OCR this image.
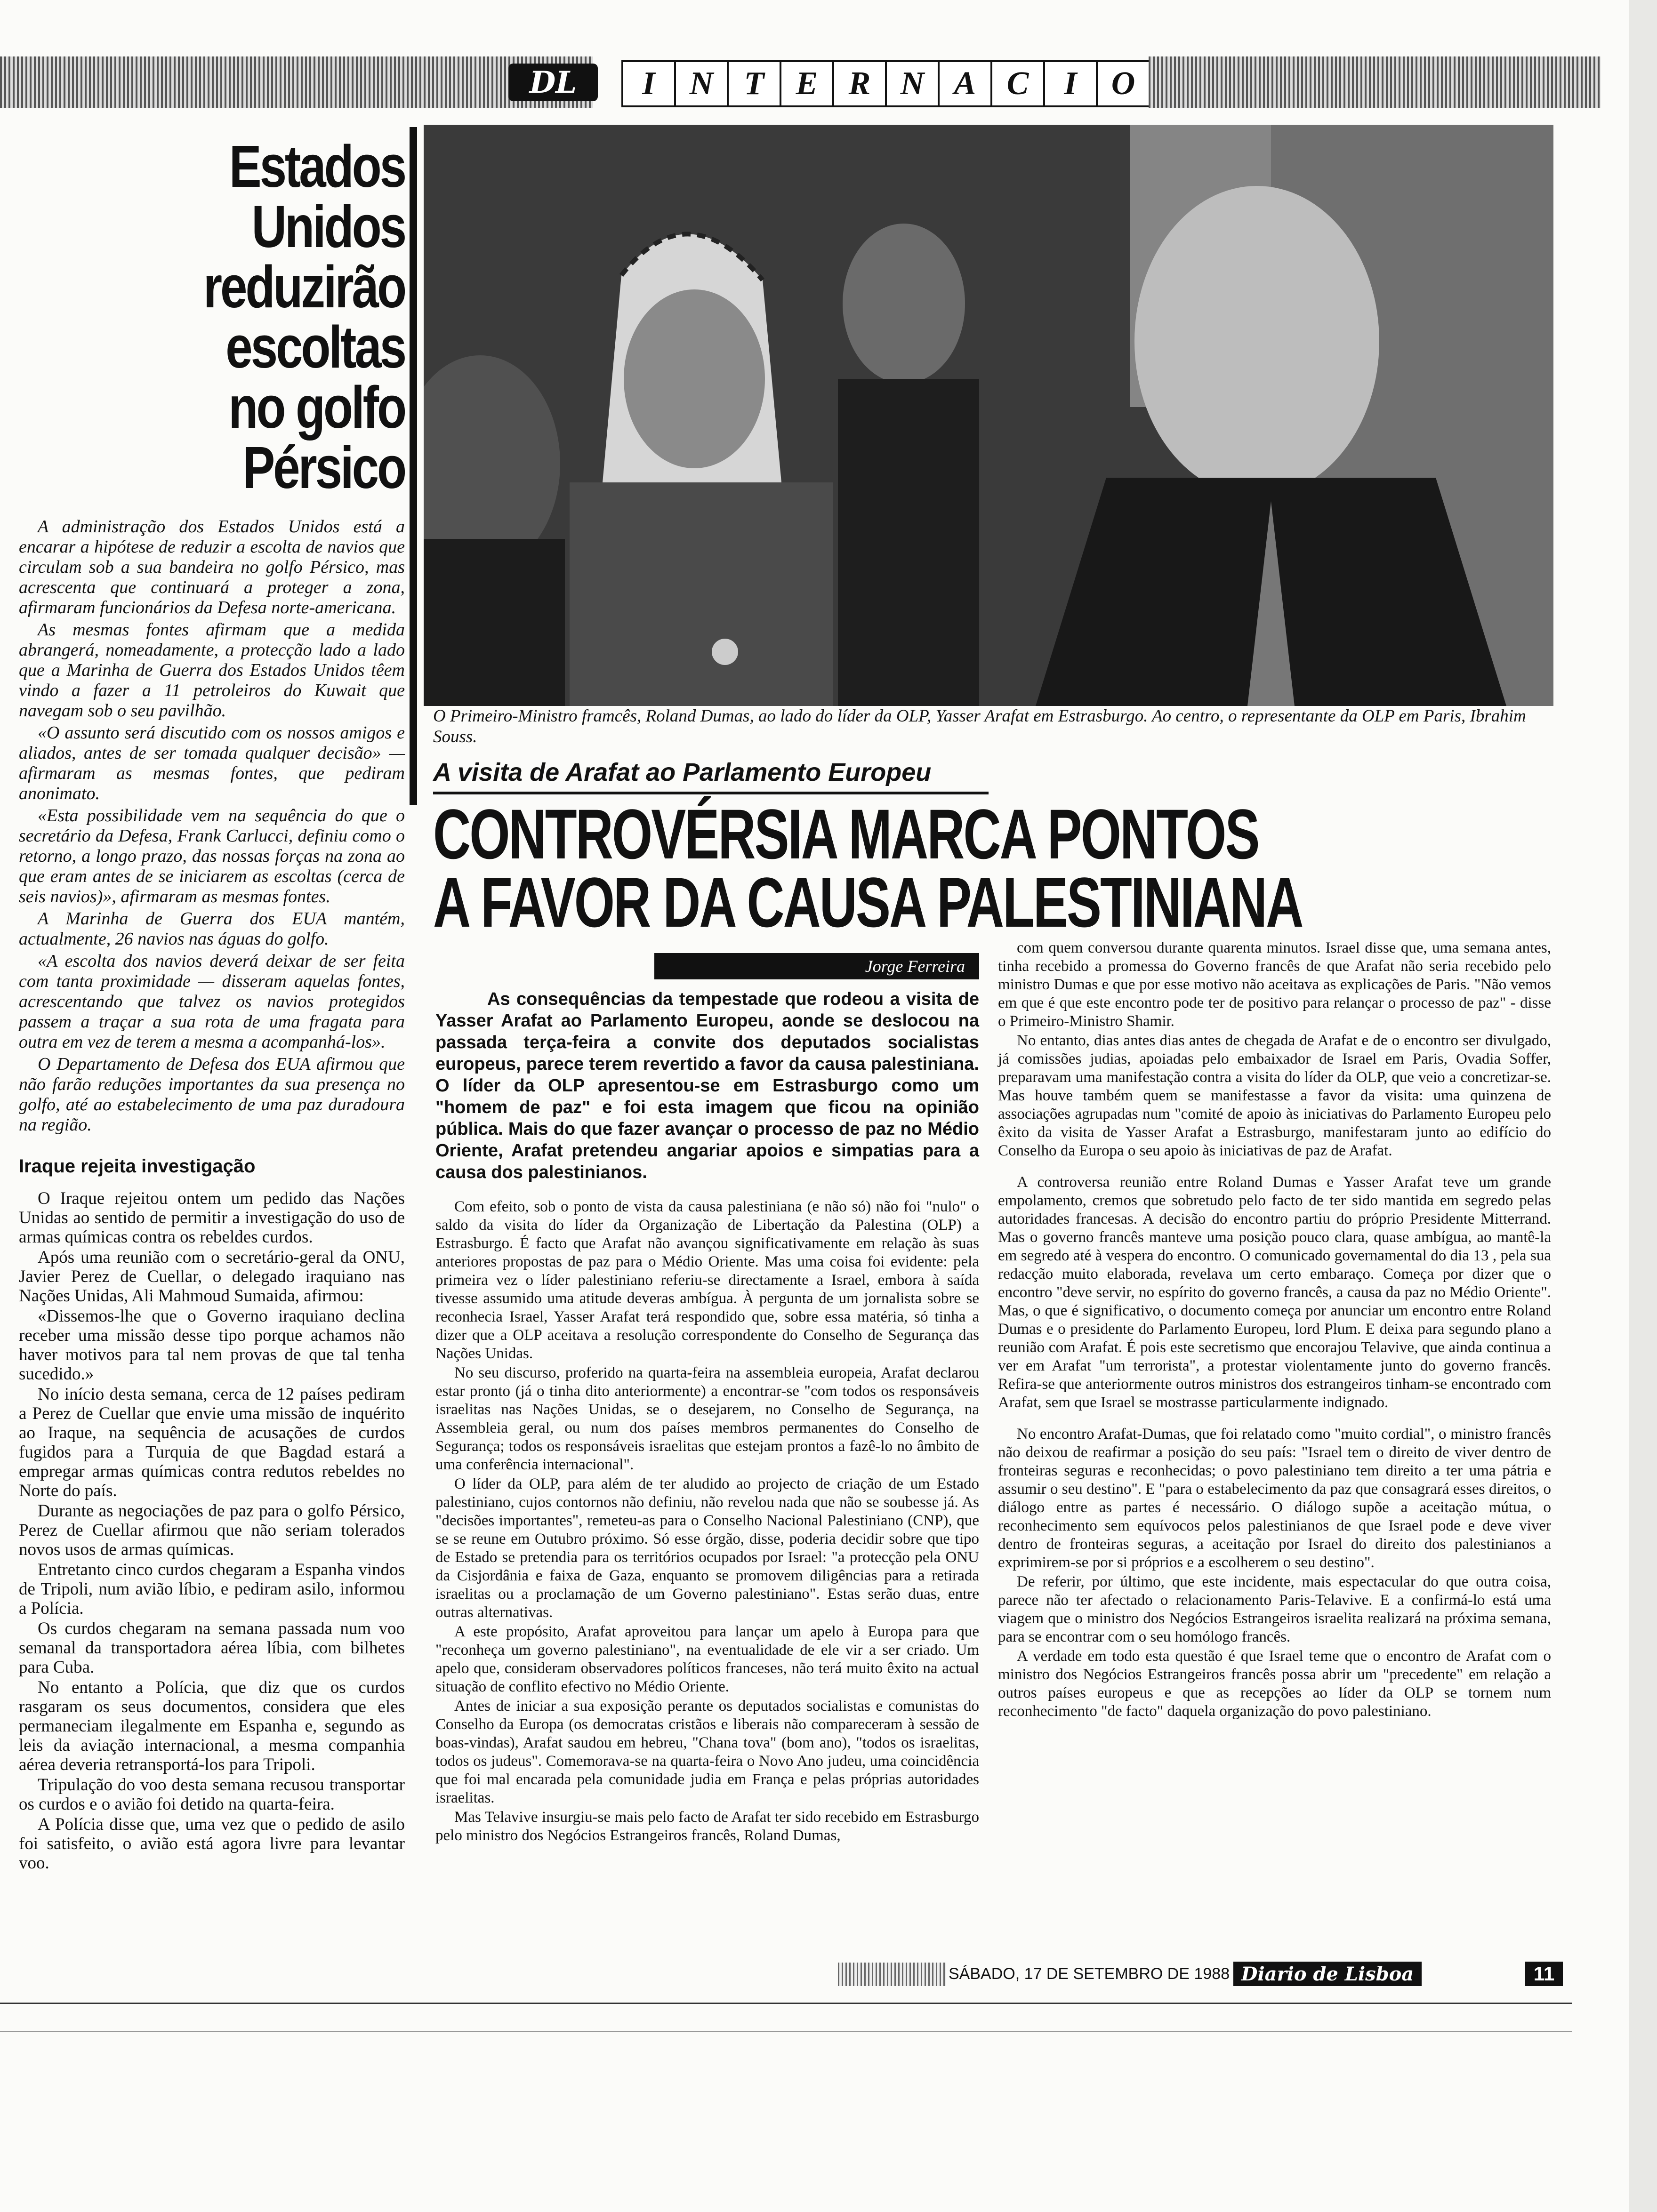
DL	I	N T E R N A C	I	O
Estados Unidos
reduzirão
escoltas
no golfo Pérsico

A administração dos Estados Unidos está a encarar a hipótese de reduzir a escolta de navios que circulam sob a sua bandeira no golfo Pérsico, mas acrescenta que continuará a proteger a zona, afirmaram funcionários da Defesa norte-americana.

As mesmas fontes afirmam que a medida abrangerá, nomeadamente, a protecção lado a lado que a Marinha de Guerra dos Estados Unidos têem vindo a fazer a 11 petroleiros do Kuwait que navegam sob o seu pavilhão.

«O assunto será discutido com os nossos amigos e aliados, antes de ser tomada qualquer decisão» — afirmaram as mesmas fontes, que pediram anonimato.

«Esta possibilidade vem na sequência do que o secretário da Defesa, Frank Carlucci, definiu como o retorno, a longo prazo, das nossas forças na zona ao que eram antes de se iniciarem as escoltas (cerca de seis navios)», afirmaram as mesmas fontes.

A Marinha de Guerra dos EUA mantém, actualmente, 26 navios nas águas do golfo.

«A escolta dos navios deverá deixar de ser feita com tanta proximidade — disseram aquelas fontes, acrescentando que talvez os navios protegidos passem a traçar a sua rota de uma fragata para outra em vez de terem a mesma a acompanhá-los».

O Departamento de Defesa dos EUA afirmou que não farão reduções importantes da sua presença no golfo, até ao estabelecimento de uma paz duradoura na região.

Iraque rejeita investigação

O Iraque rejeitou ontem um pedido das Nações Unidas ao sentido de permitir a investigação do uso de armas químicas contra os rebeldes curdos.

Após uma reunião com o secretário-geral da ONU, Javier Perez de Cuellar, o delegado iraquiano nas Nações Unidas, Ali Mahmoud Sumaida, afirmou:

«Dissemos-lhe que o Governo iraquiano declina receber uma missão desse tipo porque achamos não haver motivos para tal nem provas de que tal tenha sucedido.»

No início desta semana, cerca de 12 países pediram a Perez de Cuellar que envie uma missão de inquérito ao Iraque, na sequência de acusações de curdos fugidos para a Turquia de que Bagdad estará a empregar armas químicas contra redutos rebeldes no Norte do país.

Durante as negociações de paz para o golfo Pérsico, Perez de Cuellar afirmou que não seriam tolerados novos usos de armas químicas.

Entretanto cinco curdos chegaram a Espanha vindos de Tripoli, num avião líbio, e pediram asilo, informou a Polícia.

Os curdos chegaram na semana passada num voo semanal da transportadora aérea líbia, com bilhetes para Cuba.

No entanto a Polícia, que diz que os curdos rasgaram os seus documentos, considera que eles permaneciam ilegalmente em Espanha e, segundo as leis da aviação internacional, a mesma companhia aérea deveria retransportá-los para Tripoli.

Tripulação do voo desta semana recusou transportar os curdos e o avião foi detido na quarta-feira.

A Polícia disse que, uma vez que o pedido de asilo foi satisfeito, o avião está agora livre para levantar voo.

O Primeiro-Ministro framcês, Roland Dumas, ao lado do líder da OLP, Yasser Arafat em Estrasburgo. Ao centro, o representante da OLP em Paris, Ibrahim Souss.
A visita de Arafat ao Parlamento Europeu
CONTROVÉRSIA MARCA PONTOS
A FAVOR DA CAUSA PALESTINIANA
Jorge Ferreira

As consequências da tempestade que rodeou a visita de Yasser Arafat ao Parlamento Europeu, aonde se deslocou na passada terça-feira a convite dos deputados socialistas europeus, parece terem revertido a favor da causa palestiniana. O líder da OLP apresentou-se em Estrasburgo como um "homem de paz" e foi esta imagem que ficou na opinião pública. Mais do que fazer avançar o processo de paz no Médio Oriente, Arafat pretendeu angariar apoios e simpatias para a causa dos palestinianos.

Com efeito, sob o ponto de vista da causa palestiniana (e não só) não foi "nulo" o saldo da visita do líder da Organização de Libertação da Palestina (OLP) a Estrasburgo. É facto que Arafat não avançou significativamente em relação às suas anteriores propostas de paz para o Médio Oriente. Mas uma coisa foi evidente: pela primeira vez o líder palestiniano referiu-se directamente a Israel, embora à saída tivesse assumido uma atitude deveras ambígua. À pergunta de um jornalista sobre se reconhecia Israel, Yasser Arafat terá respondido que, sobre essa matéria, só tinha a dizer que a OLP aceitava a resolução correspondente do Conselho de Segurança das Nações Unidas.

No seu discurso, proferido na quarta-feira na assembleia europeia, Arafat declarou estar pronto (já o tinha dito anteriormente) a encontrar-se "com todos os responsáveis israelitas nas Nações Unidas, se o desejarem, no Conselho de Segurança, na Assembleia geral, ou num dos países membros permanentes do Conselho de Segurança; todos os responsáveis israelitas que estejam prontos a fazê-lo no âmbito de uma conferência internacional".

O líder da OLP, para além de ter aludido ao projecto de criação de um Estado palestiniano, cujos contornos não definiu, não revelou nada que não se soubesse já. As "decisões importantes", remeteu-as para o Conselho Nacional Palestiniano (CNP), que se se reune em Outubro próximo. Só esse órgão, disse, poderia decidir sobre que tipo de Estado se pretendia para os territórios ocupados por Israel: "a protecção pela ONU da Cisjordânia e faixa de Gaza, enquanto se promovem diligências para a retirada israelitas ou a proclamação de um Governo palestiniano". Estas serão duas, entre outras alternativas.

A este propósito, Arafat aproveitou para lançar um apelo à Europa para que "reconheça um governo palestiniano", na eventualidade de ele vir a ser criado. Um apelo que, consideram observadores políticos franceses, não terá muito êxito na actual situação de conflito efectivo no Médio Oriente.

Antes de iniciar a sua exposição perante os deputados socialistas e comunistas do Conselho da Europa (os democratas cristãos e liberais não compareceram à sessão de boas-vindas), Arafat saudou em hebreu, "Chana tova" (bom ano), "todos os israelitas, todos os judeus". Comemorava-se na quarta-feira o Novo Ano judeu, uma coincidência que foi mal encarada pela comunidade judia em França e pelas próprias autoridades israelitas.

Mas Telavive insurgiu-se mais pelo facto de Arafat ter sido recebido em Estrasburgo pelo ministro dos Negócios Estrangeiros francês, Roland Dumas,

com quem conversou durante quarenta minutos. Israel disse que, uma semana antes, tinha recebido a promessa do Governo francês de que Arafat não seria recebido pelo ministro Dumas e que por esse motivo não aceitava as explicações de Paris. "Não vemos em que é que este encontro pode ter de positivo para relançar o processo de paz" - disse o Primeiro-Ministro Shamir.

No entanto, dias antes dias antes de chegada de Arafat e de o encontro ser divulgado, já comissões judias, apoiadas pelo embaixador de Israel em Paris, Ovadia Soffer, preparavam uma manifestação contra a visita do líder da OLP, que veio a concretizar-se. Mas houve também quem se manifestasse a favor da visita: uma quinzena de associações agrupadas num "comité de apoio às iniciativas do Parlamento Europeu pelo êxito da visita de Yasser Arafat a Estrasburgo, manifestaram junto ao edifício do Conselho da Europa o seu apoio às iniciativas de paz de Arafat.

A controversa reunião entre Roland Dumas e Yasser Arafat teve um grande empolamento, cremos que sobretudo pelo facto de ter sido mantida em segredo pelas autoridades francesas. A decisão do encontro partiu do próprio Presidente Mitterrand. Mas o governo francês manteve uma posição pouco clara, quase ambígua, ao mantê-la em segredo até à vespera do encontro. O comunicado governamental do dia 13 , pela sua redacção muito elaborada, revelava um certo embaraço. Começa por dizer que o encontro "deve servir, no espírito do governo francês, a causa da paz no Médio Oriente". Mas, o que é significativo, o documento começa por anunciar um encontro entre Roland Dumas e o presidente do Parlamento Europeu, lord Plum. E deixa para segundo plano a reunião com Arafat. É pois este secretismo que encorajou Telavive, que ainda continua a ver em Arafat "um terrorista", a protestar violentamente junto do governo francês. Refira-se que anteriormente outros ministros dos estrangeiros tinham-se encontrado com Arafat, sem que Israel se mostrasse particularmente indignado.

No encontro Arafat-Dumas, que foi relatado como "muito cordial", o ministro francês não deixou de reafirmar a posição do seu país: "Israel tem o direito de viver dentro de fronteiras seguras e reconhecidas; o povo palestiniano tem direito a ter uma pátria e assumir o seu destino". E "para o estabelecimento da paz que consagrará esses direitos, o diálogo entre as partes é necessário. O diálogo supõe a aceitação mútua, o reconhecimento sem equívocos pelos palestinianos de que Israel pode e deve viver dentro de fronteiras seguras, a aceitação por Israel do direito dos palestinianos a exprimirem-se por si próprios e a escolherem o seu destino".

De referir, por último, que este incidente, mais espectacular do que outra coisa, parece não ter afectado o relacionamento Paris-Telavive. E a confirmá-lo está uma viagem que o ministro dos Negócios Estrangeiros israelita realizará na próxima semana, para se encontrar com o seu homólogo francês.

A verdade em todo esta questão é que Israel teme que o encontro de Arafat com o ministro dos Negócios Estrangeiros francês possa abrir um "precedente" em relação a outros países europeus e que as recepções ao líder da OLP se tornem num reconhecimento "de facto" daquela organização do povo palestiniano.

SÁBADO, 17 DE SETEMBRO DE 1988 Diario de Lisboa	11
